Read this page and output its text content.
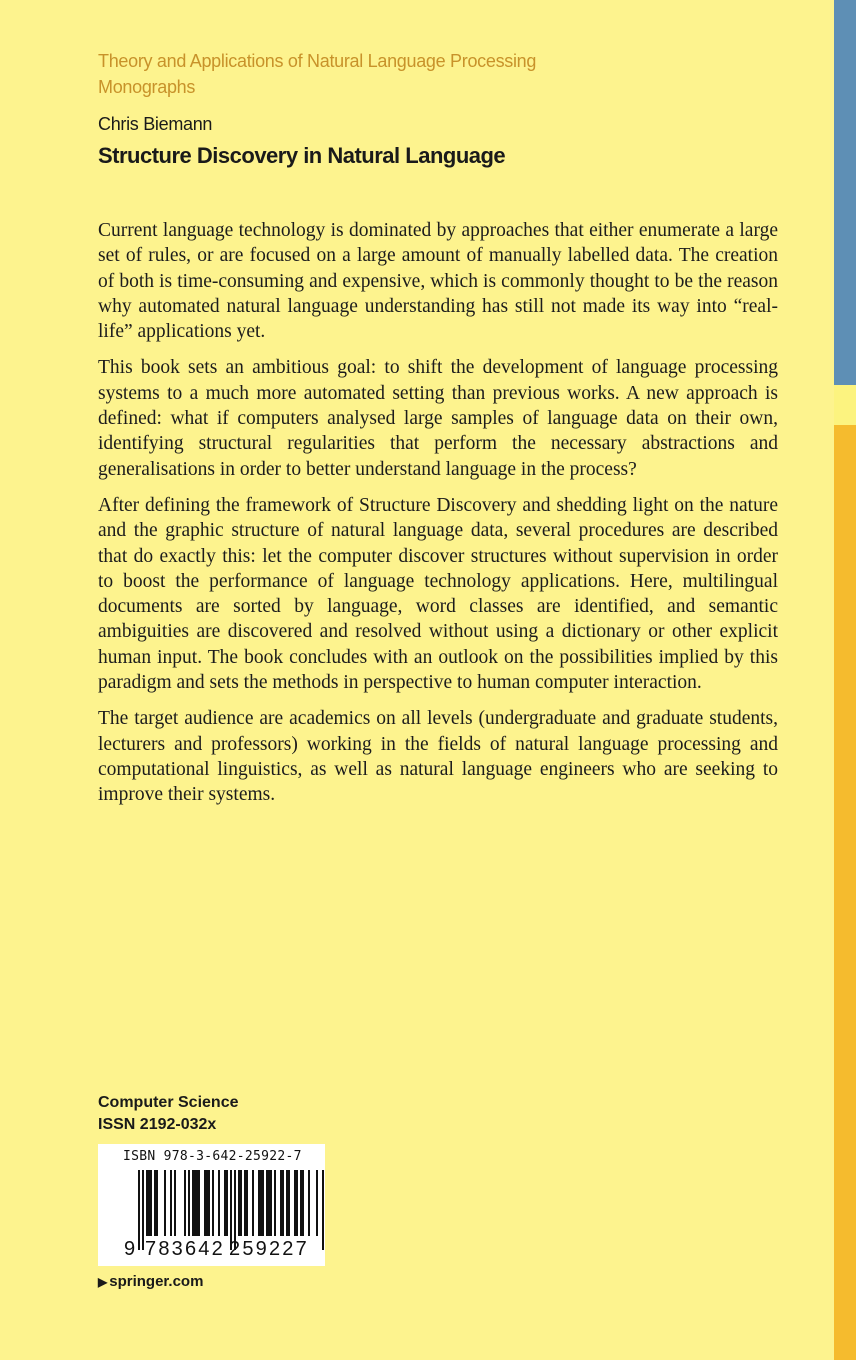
Theory and Applications of Natural Language Processing
Monographs
Chris Biemann
Structure Discovery in Natural Language

Current language technology is dominated by approaches that either enumerate a large set of rules, or are focused on a large amount of manually labelled data. The creation of both is time-consuming and expensive, which is commonly thought to be the reason why automated natural language understanding has still not made its way into “real-life” applications yet.

This book sets an ambitious goal: to shift the development of language processing systems to a much more automated setting than previous works. A new approach is defined: what if computers analysed large samples of language data on their own, identifying structural regularities that perform the necessary abstractions and generalisations in order to better understand language in the process?

After defining the framework of Structure Discovery and shedding light on the nature and the graphic structure of natural language data, several procedures are described that do exactly this: let the computer discover structures without supervision in order to boost the performance of language technology applications. Here, multilingual documents are sorted by language, word classes are identified, and semantic ambiguities are discovered and resolved without using a dictionary or other explicit human input. The book concludes with an outlook on the possibilities implied by this paradigm and sets the methods in perspective to human computer interaction.

The target audience are academics on all levels (undergraduate and graduate students, lecturers and professors) working in the fields of natural language processing and computational linguistics, as well as natural language engineers who are seeking to improve their systems.

Computer Science
ISSN 2192-032x
ISBN 978-3-642-25922-7
9 783642 259227
▶ springer.com
